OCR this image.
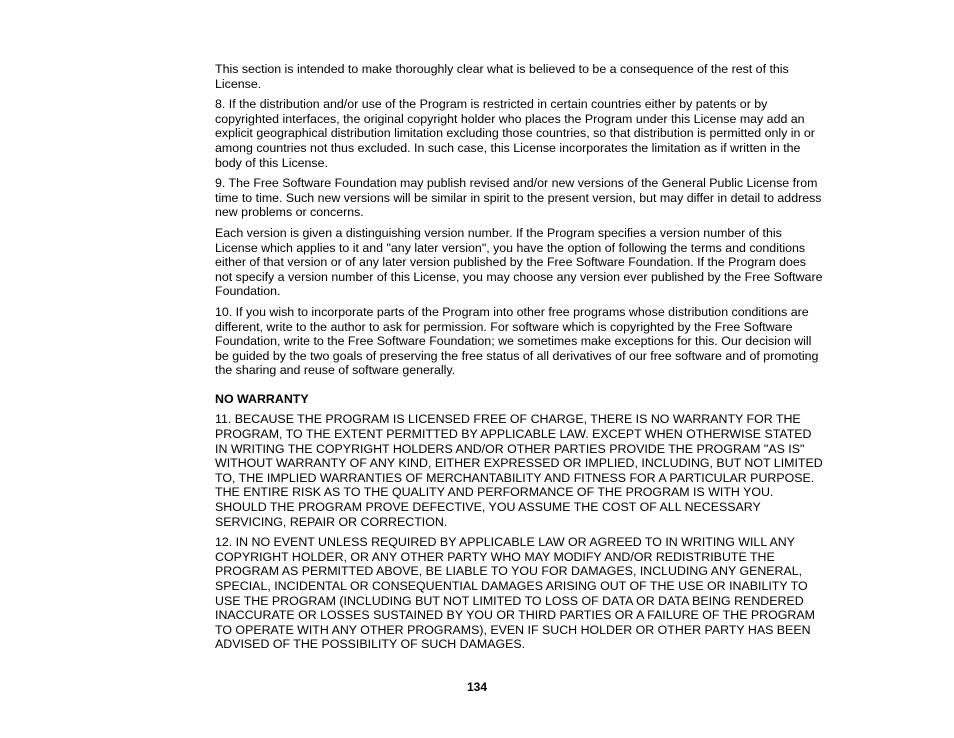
This section is intended to make thoroughly clear what is believed to be a consequence of the rest of this License.

8. If the distribution and/or use of the Program is restricted in certain countries either by patents or by copyrighted interfaces, the original copyright holder who places the Program under this License may add an explicit geographical distribution limitation excluding those countries, so that distribution is permitted only in or among countries not thus excluded. In such case, this License incorporates the limitation as if written in the body of this License.

9. The Free Software Foundation may publish revised and/or new versions of the General Public License from time to time. Such new versions will be similar in spirit to the present version, but may differ in detail to address new problems or concerns.

Each version is given a distinguishing version number. If the Program specifies a version number of this License which applies to it and "any later version", you have the option of following the terms and conditions either of that version or of any later version published by the Free Software Foundation. If the Program does not specify a version number of this License, you may choose any version ever published by the Free Software Foundation.

10. If you wish to incorporate parts of the Program into other free programs whose distribution conditions are different, write to the author to ask for permission. For software which is copyrighted by the Free Software Foundation, write to the Free Software Foundation; we sometimes make exceptions for this. Our decision will be guided by the two goals of preserving the free status of all derivatives of our free software and of promoting the sharing and reuse of software generally.

NO WARRANTY

11. BECAUSE THE PROGRAM IS LICENSED FREE OF CHARGE, THERE IS NO WARRANTY FOR THE PROGRAM, TO THE EXTENT PERMITTED BY APPLICABLE LAW. EXCEPT WHEN OTHERWISE STATED IN WRITING THE COPYRIGHT HOLDERS AND/OR OTHER PARTIES PROVIDE THE PROGRAM "AS IS" WITHOUT WARRANTY OF ANY KIND, EITHER EXPRESSED OR IMPLIED, INCLUDING, BUT NOT LIMITED TO, THE IMPLIED WARRANTIES OF MERCHANTABILITY AND FITNESS FOR A PARTICULAR PURPOSE. THE ENTIRE RISK AS TO THE QUALITY AND PERFORMANCE OF THE PROGRAM IS WITH YOU. SHOULD THE PROGRAM PROVE DEFECTIVE, YOU ASSUME THE COST OF ALL NECESSARY SERVICING, REPAIR OR CORRECTION.

12. IN NO EVENT UNLESS REQUIRED BY APPLICABLE LAW OR AGREED TO IN WRITING WILL ANY COPYRIGHT HOLDER, OR ANY OTHER PARTY WHO MAY MODIFY AND/OR REDISTRIBUTE THE PROGRAM AS PERMITTED ABOVE, BE LIABLE TO YOU FOR DAMAGES, INCLUDING ANY GENERAL, SPECIAL, INCIDENTAL OR CONSEQUENTIAL DAMAGES ARISING OUT OF THE USE OR INABILITY TO USE THE PROGRAM (INCLUDING BUT NOT LIMITED TO LOSS OF DATA OR DATA BEING RENDERED INACCURATE OR LOSSES SUSTAINED BY YOU OR THIRD PARTIES OR A FAILURE OF THE PROGRAM TO OPERATE WITH ANY OTHER PROGRAMS), EVEN IF SUCH HOLDER OR OTHER PARTY HAS BEEN ADVISED OF THE POSSIBILITY OF SUCH DAMAGES.

134
